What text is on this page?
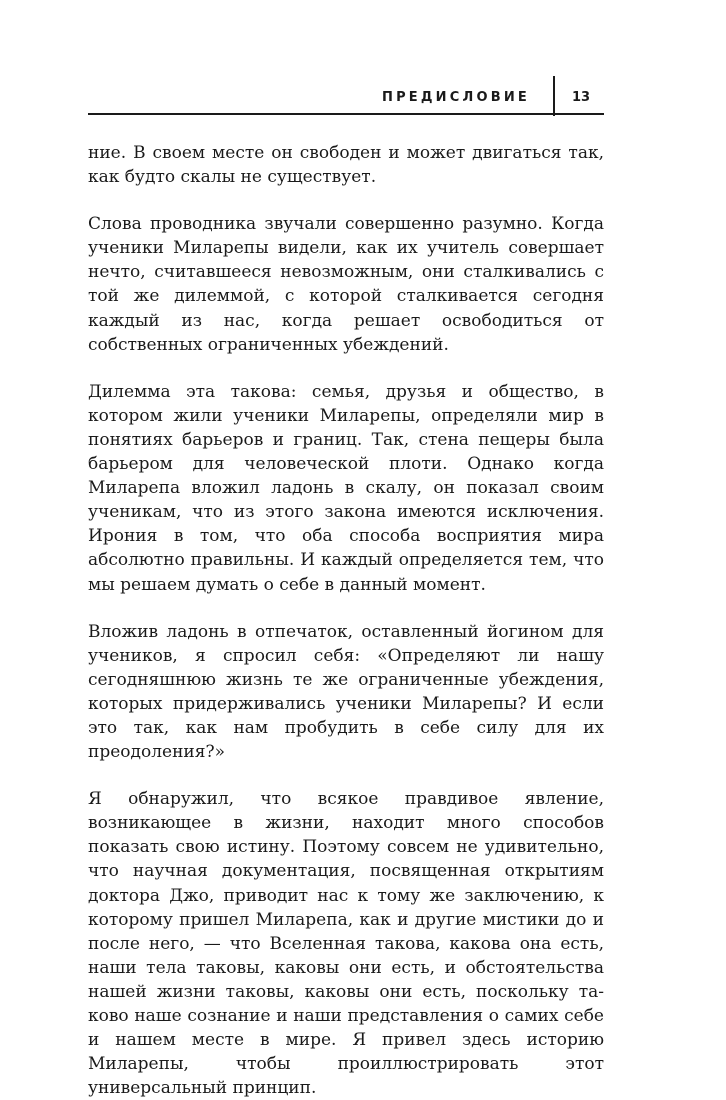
ПРЕДИСЛОВИЕ	13

ние. В своем месте он свободен и может двигаться так, как будто скалы не существует.

Слова проводника звучали совершенно разумно. Когда ученики Миларепы видели, как их учитель совершает нечто, считавшееся невозможным, они сталкивались с той же дилеммой, с которой сталкивается сегодня каждый из нас, когда решает освободиться от собственных ограниченных убеждений.

Дилемма эта такова: семья, друзья и общество, в котором жили ученики Миларепы, определяли мир в понятиях барьеров и границ. Так, стена пещеры была барьером для человеческой плоти. Однако когда Миларепа вложил ладонь в скалу, он показал своим ученикам, что из этого закона имеются исключения. Ирония в том, что оба способа восприятия мира абсолютно правильны. И каждый определяется тем, что мы решаем думать о себе в данный момент.

Вложив ладонь в отпечаток, оставленный йогином для учеников, я спросил себя: «Определяют ли нашу сегодняшнюю жизнь те же ограниченные убеждения, которых придерживались ученики Миларепы? И если это так, как нам пробудить в себе силу для их преодоления?»

Я обнаружил, что всякое правдивое явление, возникающее в жизни, находит много способов показать свою истину. Поэтому совсем не удивительно, что научная документация, посвященная открытиям доктора Джо, приводит нас к тому же заключению, к которому пришел Миларепа, как и другие мистики до и после него, — что Вселенная такова, какова она есть, наши тела таковы, каковы они есть, и обстоятельства нашей жизни таковы, каковы они есть, поскольку таково наше сознание и наши представления о самих себе и нашем месте в мире. Я привел здесь историю Миларепы, чтобы проиллюстрировать этот универсальный принцип.
